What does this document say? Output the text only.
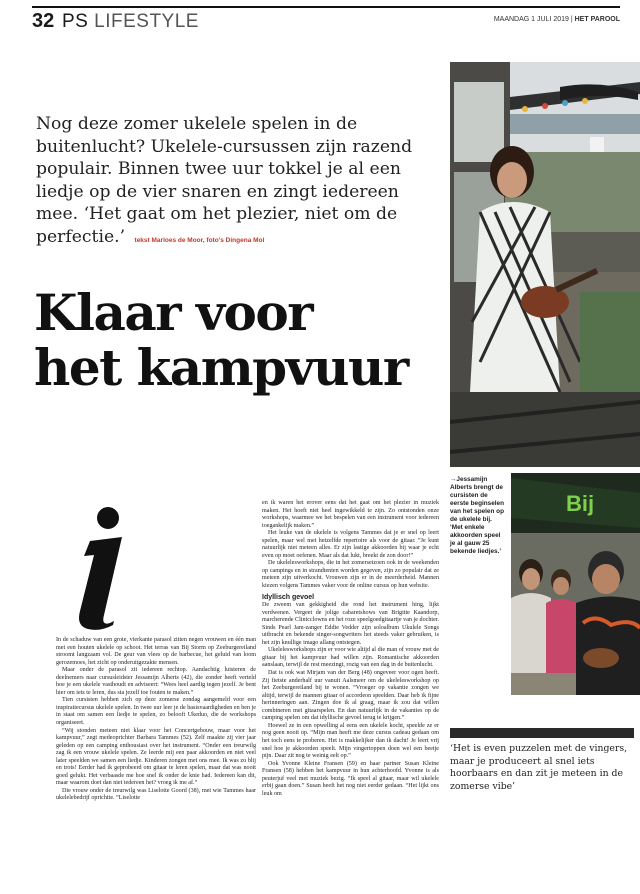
32 PS LIFESTYLE	MAANDAG 1 JULI 2019 | HET PAROOL
Nog deze zomer ukelele spelen in de buitenlucht? Ukelele-cursussen zijn razend populair. Binnen twee uur tokkel je al een liedje op de vier snaren en zingt iedereen mee. ‘Het gaat om het plezier, niet om de perfectie.’ tekst Marloes de Moor, foto’s Dingena Mol
Klaar voor
het kampvuur
→Jessamijn Alberts brengt de cursisten de eerste beginselen van het spelen op de ukelele bij. ‘Met enkele akkoorden speel je al gauw 25 bekende liedjes.’
Bij

In de schaduw van een grote, vierkante parasol zitten negen vrouwen en één man met een houten ukelele op schoot. Het terras van Bij Storm op Zeeburgereiland stroomt langzaam vol. De geur van vlees op de barbecue, het geluid van loom gerozemoes, het zicht op onderuitgezakte mensen.

Maar onder de parasol zit iedereen rechtop. Aandachtig luisteren de deelnemers naar cursusleidster Jessamijn Alberts (42), die zonder heeft verteld hoe je een ukelele vasthoudt en adviseert: “Wees heel aardig tegen jezelf. Je bent hier om iets te leren, dus sta jezelf toe fouten te maken.”

Tien cursisten hebben zich op deze zomerse zondag aangemeld voor een inspiratiecursus ukelele spelen. In twee uur leer je de basisvaardigheden en ben je in staat om samen een liedje te spelen, zo belooft Ukeduo, die de workshops organiseert.

“Wij stonden meteen niet klaar voor het Concertgebouw, maar voor het kampvuur,” zegt medeoprichter Barbara Tammes (52). Zelf maakte zij vier jaar geleden op een camping enthousiast over het instrument. “Onder een treurwilg zag ik een vrouw ukelele spelen. Ze leerde mij een paar akkoorden en niet veel later speelden we samen een liedje. Kinderen zongen met ons mee. Ik was zo blij en trots! Eerder had ik geprobeerd om gitaar te leren spelen, maar dat was nooit goed gelukt. Het verbaasde me hoe snel ik onder de knie had. Iedereen kan dit, maar waarom doet dan niet iedereen het? vroeg ik me af.”

Die vrouw onder de treurwilg was Liselotte Goord (38), met wie Tammes haar ukelelebedrijf oprichtte. “Liselotte

en ik waren het erover eens dat het gaat om het plezier in muziek maken. Het hoeft niet heel ingewikkeld te zijn. Zo ontstonden onze workshops, waarmee we het bespelen van een instrument voor iedereen toegankelijk maken.”

Het leuke van de ukelele is volgens Tammes dat je er snel op leert spelen, maar wel met hetzelfde repertoire als voor de gitaar. “Je kunt natuurlijk niet meteen alles. Er zijn lastige akkoorden bij waar je echt even op moet oefenen. Maar als dat lukt, breekt de zon door!”

De ukelelesworkshops, die in het zomerseizoen ook in de weekenden op campings en in strandtenten worden gegeven, zijn zo populair dat ze meteen zijn uitverkocht. Vrouwen zijn er in de meerderheid. Mannen kiezen volgens Tammes vaker voor de online cursus op hun website.

Idyllisch gevoel

De zweem van gekkigheid die rond het instrument hing, lijkt verdwenen. Vergeet de jolige cabaretshows van Brigitte Kaandorp, marcherende Clinicclowns en het roze speelgoedgitaartje van je dochter. Sinds Pearl Jam-zanger Eddie Vedder zijn soloalbum Ukulele Songs uitbracht en bekende singer-songwriters het steeds vaker gebruiken, is het zijn knullige imago allang ontstegen.

Ukelelesworkshops zijn er voor wie altijd al die man of vrouw met de gitaar bij het kampvuur had willen zijn. Romantische akkoorden aanslaan, terwijl de rest meezingt, rozig van een dag in de buitenlucht.

Dat is ook wat Mirjam van der Berg (48) ongeveer voor ogen heeft. Zij fietste anderhalf uur vanuit Aalsmeer om de ukelelesworkshop op het Zeeburgereiland bij te wonen. “Vroeger op vakantie zongen we altijd, terwijl de mannen gitaar of accordeon speelden. Daar heb ik fijne herinneringen aan. Zingen doe ik al graag, maar ik zou dat willen combineren met gitaarspelen. En dan natuurlijk in de vakanties op de camping spelen om dat idyllische gevoel terug te krijgen.”

Hoewel ze in een opwelling al eens een ukelele kocht, speelde ze er nog geen nooit op. “Mijn man heeft me deze cursus cadeau gedaan om het toch eens te proberen. Het is makkelijker dan ik dacht! Je leert vrij snel hoe je akkoorden speelt. Mijn vingertoppen doen wel een beetje pijn. Daar zit nog te weinig eelt op.”

Ook Yvonne Kleine Fransen (59) en haar partner Susan Kleine Fransen (58) hebben het kampvuur in hun achterhoofd. Yvonne is als peuterjuf veel met muziek bezig. “Ik speel al gitaar, maar wil ukelele erbij gaan doen.” Susan heeft het nog niet eerder gedaan. “Het lijkt ons leuk om

‘Het is even puzzelen met de vingers, maar je produceert al snel iets hoorbaars en dan zit je meteen in de zomerse vibe’
